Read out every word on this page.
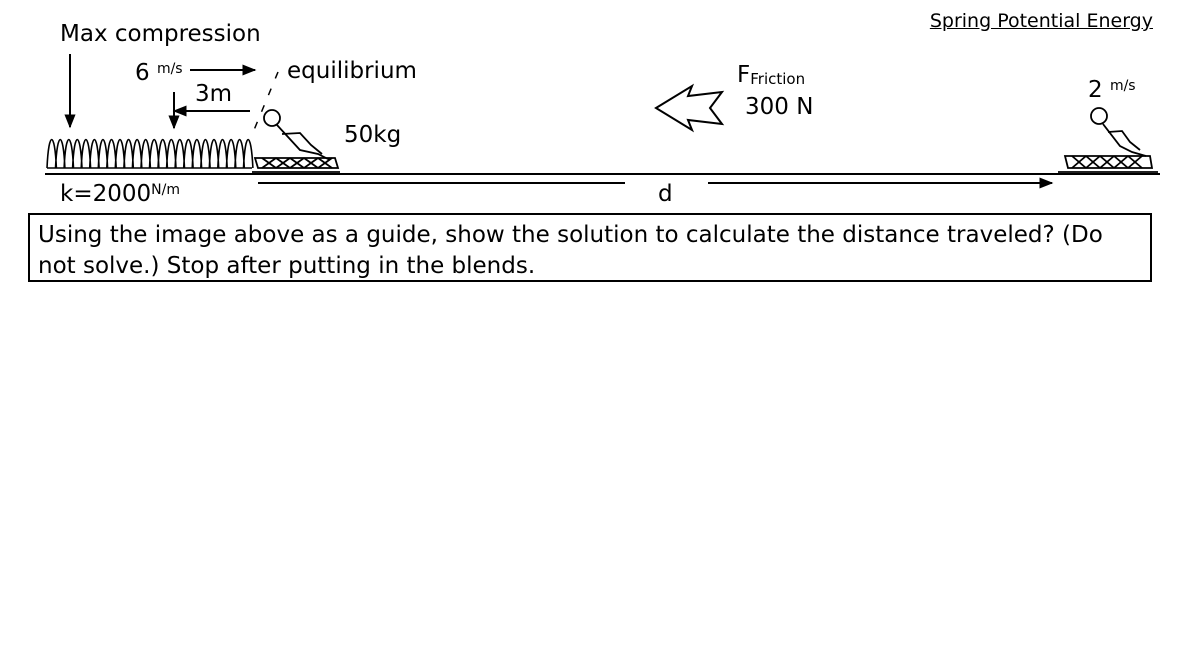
Spring Potential Energy
Max compression
6 $^{m/s}$
3m
equilibrium
50kg
$k=2000^{N/m}$	d
FFriction
300 N
2 $^{m/s}$
Using the image above as a guide, show the solution to calculate the distance traveled? (Do not solve.) Stop after putting in the blends.
